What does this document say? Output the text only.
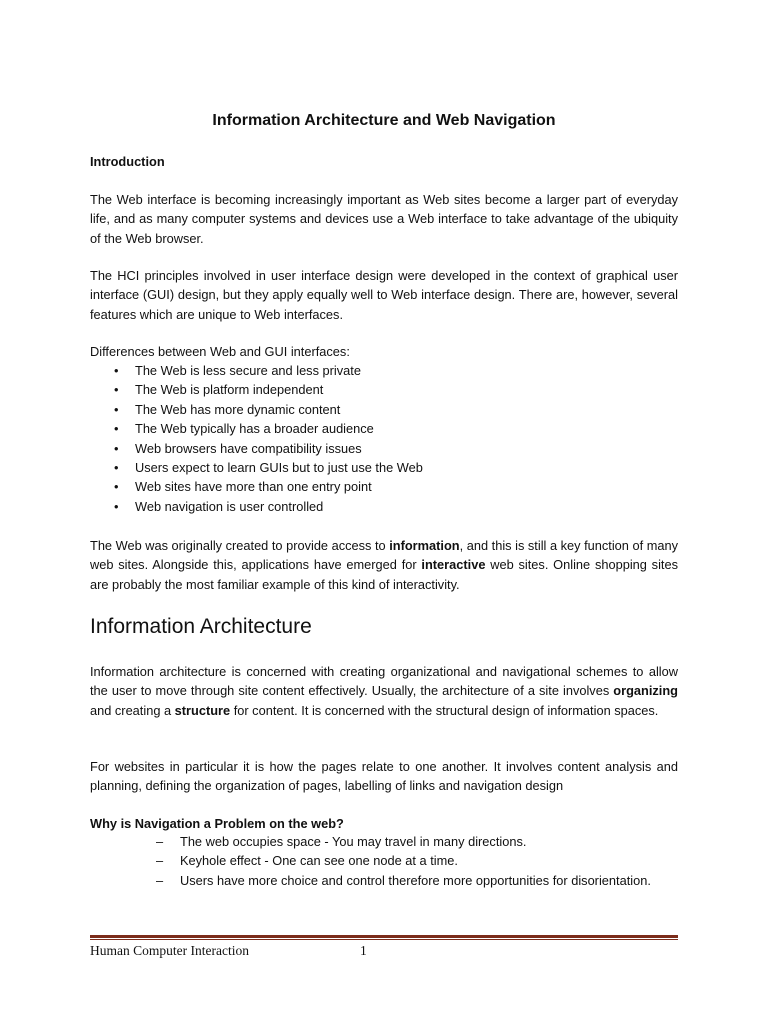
Information Architecture and Web Navigation
Introduction

The Web interface is becoming increasingly important as Web sites become a larger part of everyday life, and as many computer systems and devices use a Web interface to take advantage of the ubiquity of the Web browser.

The HCI principles involved in user interface design were developed in the context of graphical user interface (GUI) design, but they apply equally well to Web interface design. There are, however, several features which are unique to Web interfaces.

Differences between Web and GUI interfaces:
• The Web is less secure and less private
• The Web is platform independent
• The Web has more dynamic content
• The Web typically has a broader audience
• Web browsers have compatibility issues
• Users expect to learn GUIs but to just use the Web
• Web sites have more than one entry point
• Web navigation is user controlled

The Web was originally created to provide access to information, and this is still a key function of many web sites. Alongside this, applications have emerged for interactive web sites. Online shopping sites are probably the most familiar example of this kind of interactivity.

Information Architecture

Information architecture is concerned with creating organizational and navigational schemes to allow the user to move through site content effectively. Usually, the architecture of a site involves organizing and creating a structure for content. It is concerned with the structural design of information spaces.

For websites in particular it is how the pages relate to one another. It involves content analysis and planning, defining the organization of pages, labelling of links and navigation design

Why is Navigation a Problem on the web?
– The web occupies space - You may travel in many directions.
– Keyhole effect - One can see one node at a time.
– Users have more choice and control therefore more opportunities for disorientation.
Human Computer Interaction	1
